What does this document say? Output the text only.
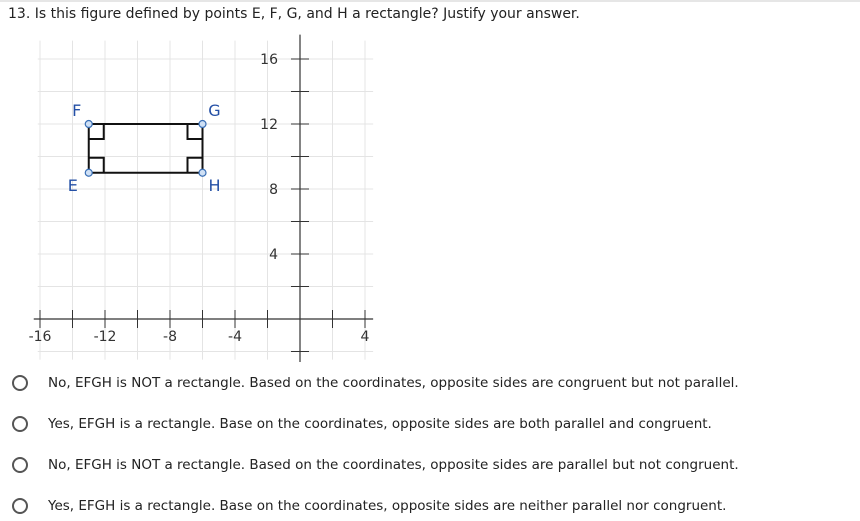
13. Is this figure defined by points E, F, G, and H a rectangle? Justify your answer.
-16	-12	-8	-4	4
16
12
8
4
F	G
E	H
No, EFGH is NOT a rectangle. Based on the coordinates, opposite sides are congruent but not parallel.
Yes, EFGH is a rectangle. Base on the coordinates, opposite sides are both parallel and congruent.
No, EFGH is NOT a rectangle. Based on the coordinates, opposite sides are parallel but not congruent.
Yes, EFGH is a rectangle. Base on the coordinates, opposite sides are neither parallel nor congruent.
